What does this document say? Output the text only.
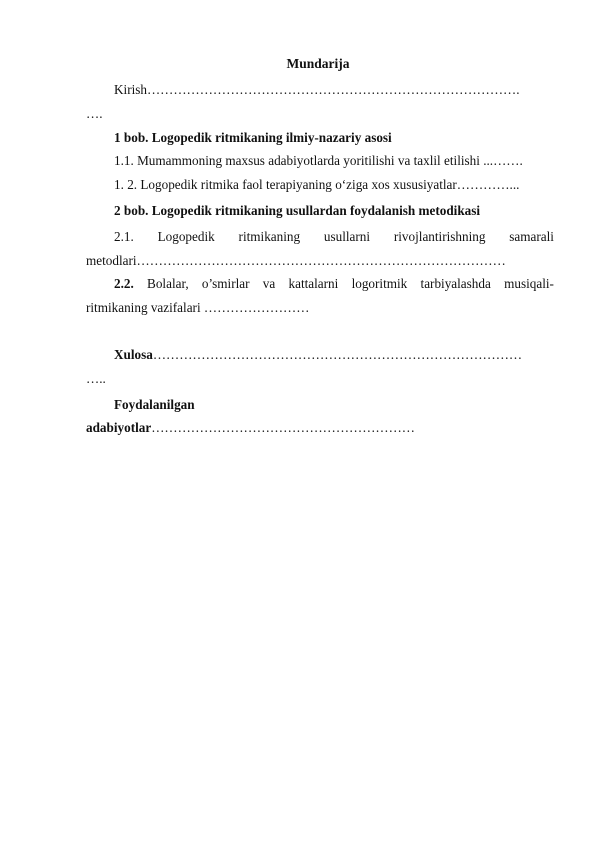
Mundarija
Kirish………………………………………………………………………….
….
1 bob. Logopedik ritmikaning ilmiy-nazariy asosi
1.1. Mumammoning maxsus adabiyotlarda yoritilishi va taxlil etilishi ...…….
1. 2. Logopedik ritmika faol terapiyaning o‘ziga xos xususiyatlar…………...
2 bob. Logopedik ritmikaning usullardan foydalanish metodikasi
2.1. Logopedik ritmikaning usullarni rivojlantirishning samarali
metodlari…………………………………………………………………………
2.2. Bolalar, o’smirlar va kattalarni logoritmik tarbiyalashda musiqali-
ritmikaning vazifalari ……………………
Xulosa…………………………………………………………………………
…..
Foydalanilgan
adabiyotlar……………………………………………………
